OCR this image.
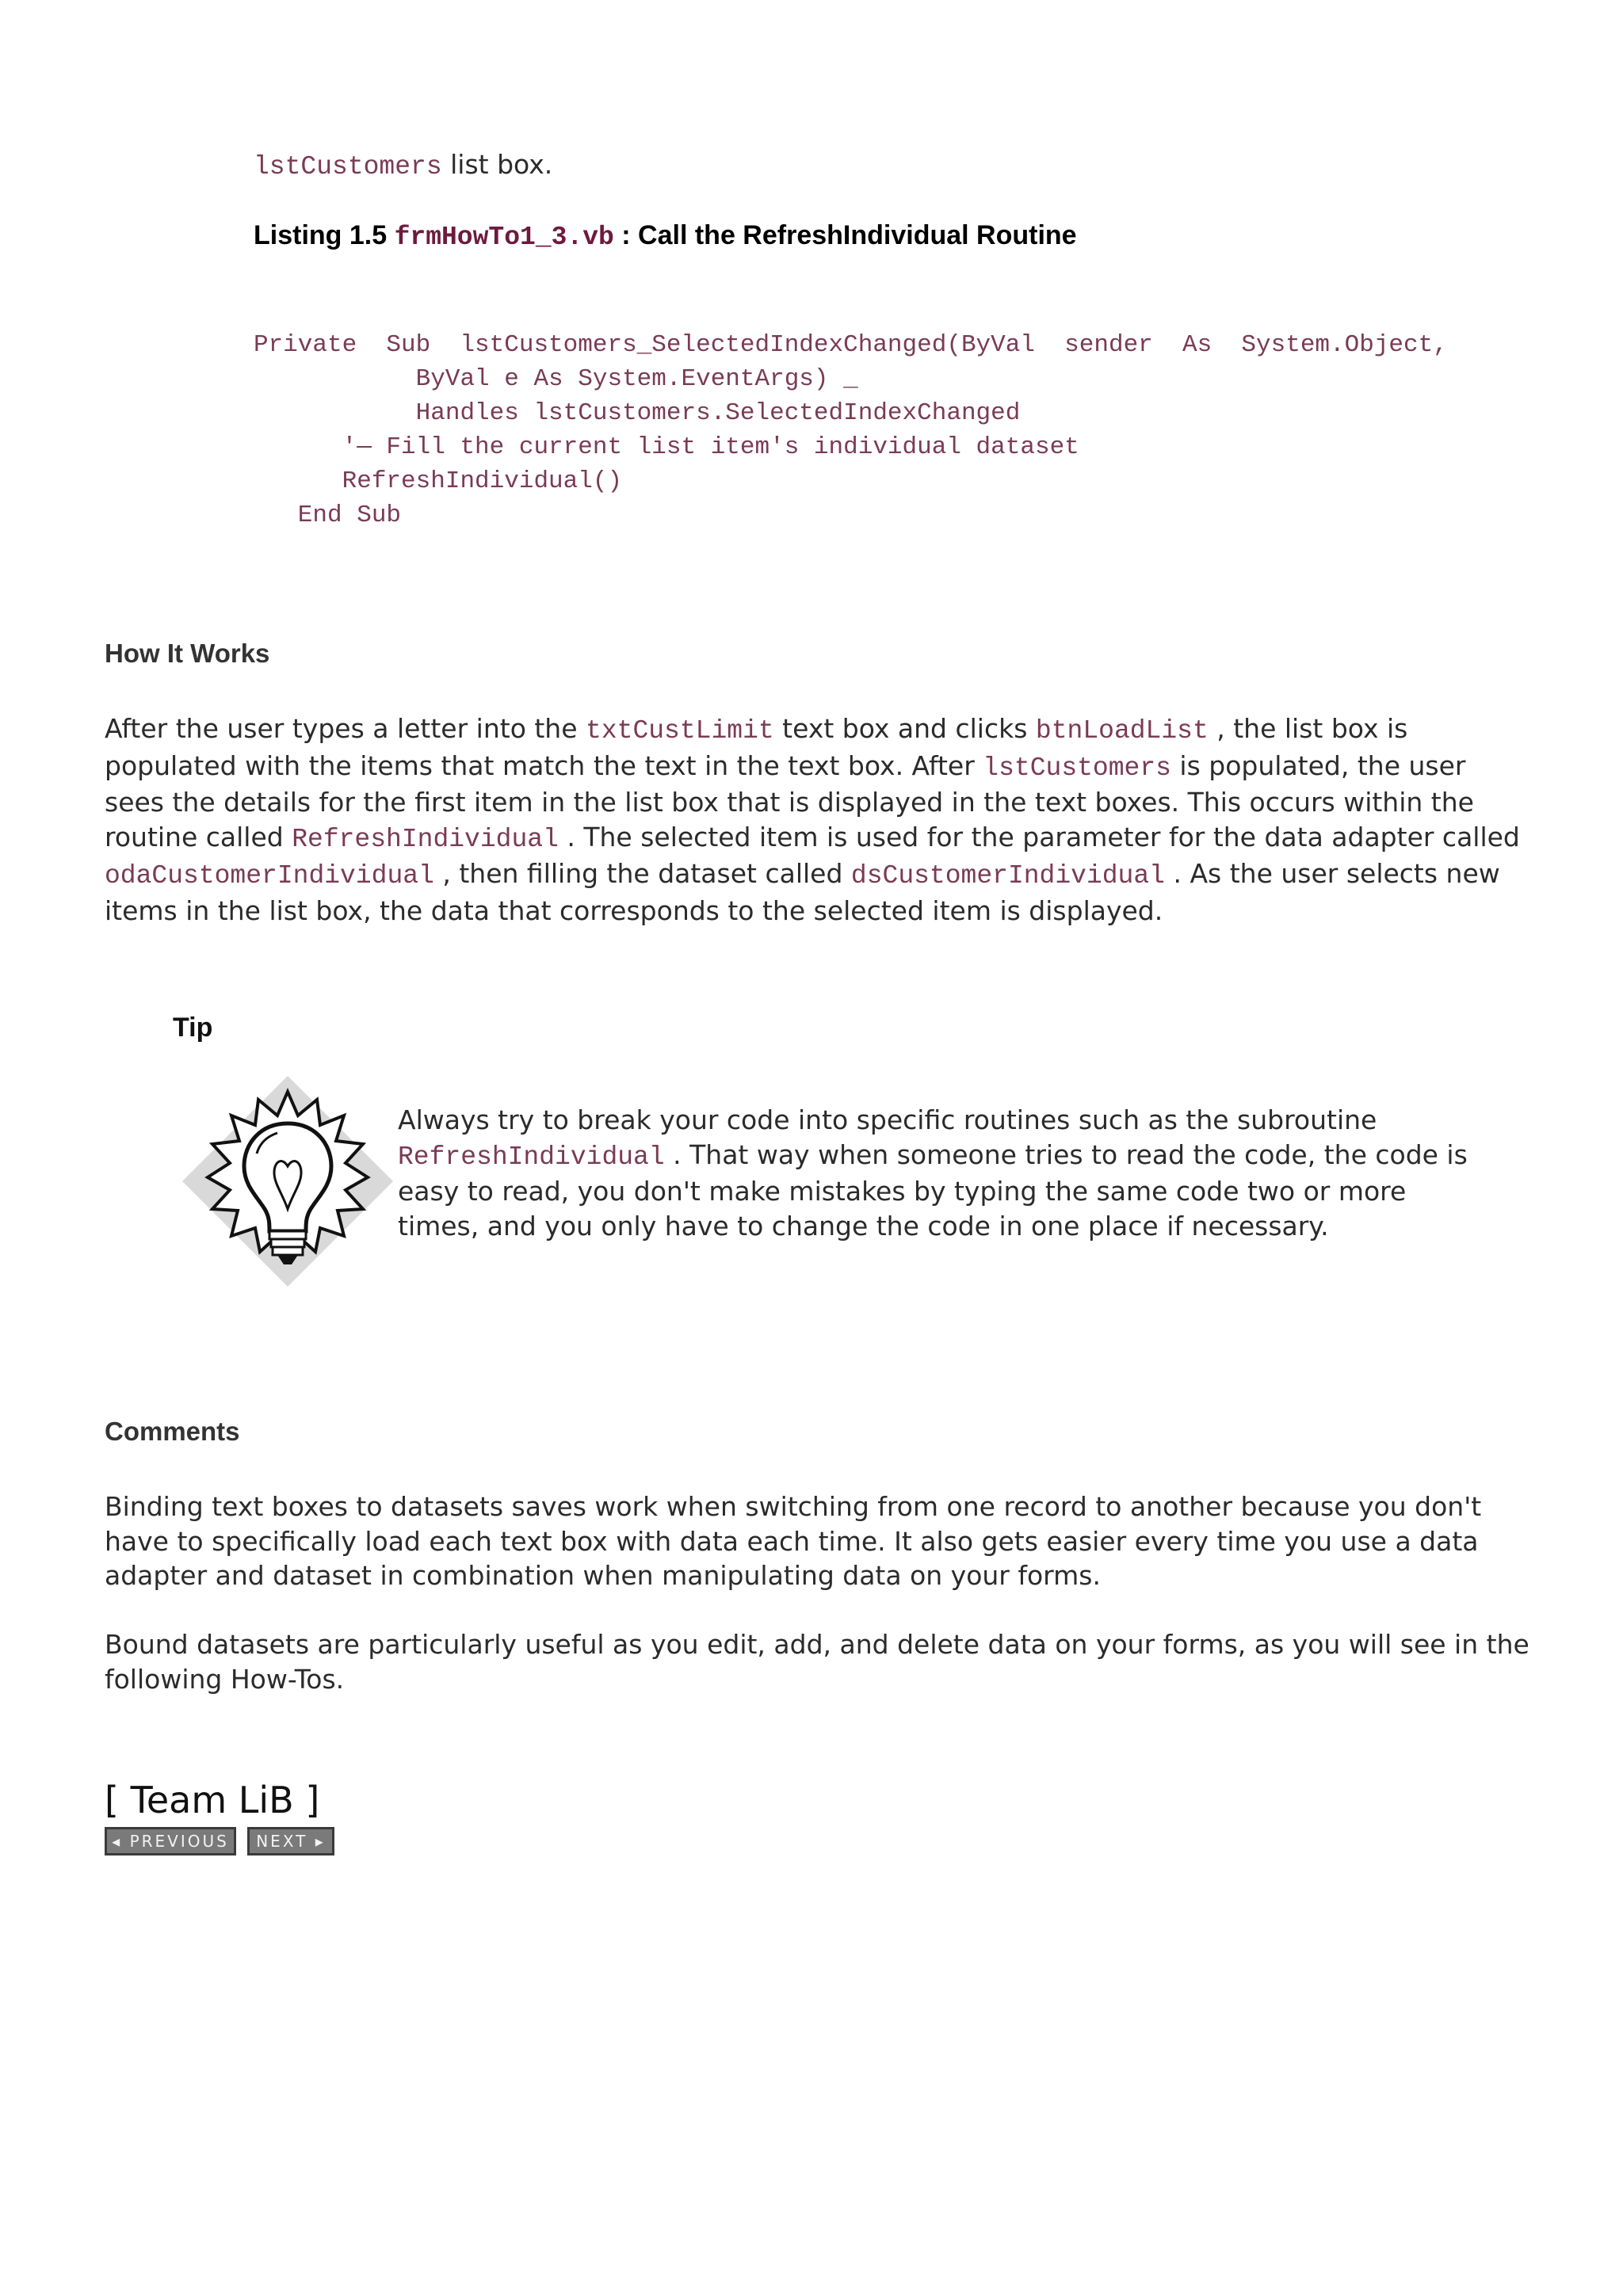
lstCustomers list box.
Listing 1.5 frmHowTo1_3.vb : Call the RefreshIndividual Routine
Private  Sub  lstCustomers_SelectedIndexChanged(ByVal  sender  As  System.Object,
ByVal e As System.EventArgs) _
Handles lstCustomers.SelectedIndexChanged
'— Fill the current list item's individual dataset
RefreshIndividual()
End Sub
How It Works
After the user types a letter into the txtCustLimit text box and clicks btnLoadList , the list box is populated with the items that match the text in the text box. After lstCustomers is populated, the user sees the details for the first item in the list box that is displayed in the text boxes. This occurs within the routine called RefreshIndividual . The selected item is used for the parameter for the data adapter called odaCustomerIndividual , then filling the dataset called dsCustomerIndividual . As the user selects new items in the list box, the data that corresponds to the selected item is displayed.
Tip
Always try to break your code into specific routines such as the subroutine RefreshIndividual . That way when someone tries to read the code, the code is easy to read, you don't make mistakes by typing the same code two or more times, and you only have to change the code in one place if necessary.
Comments
Binding text boxes to datasets saves work when switching from one record to another because you don't have to specifically load each text box with data each time. It also gets easier every time you use a data adapter and dataset in combination when manipulating data on your forms.
Bound datasets are particularly useful as you edit, add, and delete data on your forms, as you will see in the following How-Tos.
[ Team LiB ]
◂ PREVIOUS	NEXT ▸
